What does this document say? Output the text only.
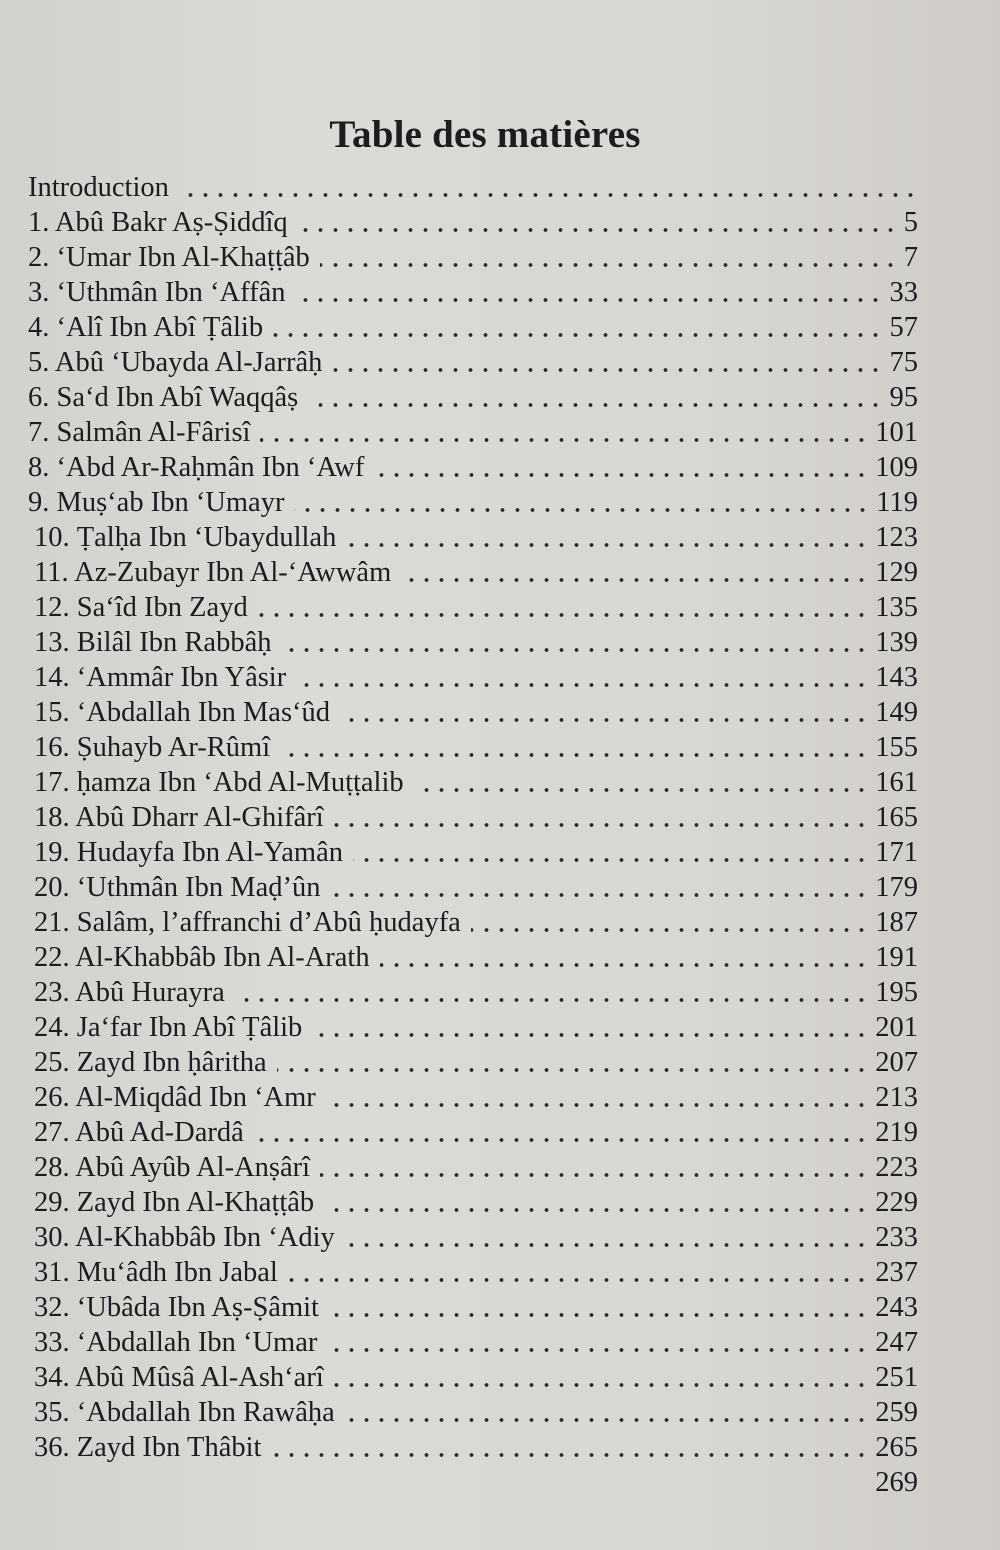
Table des matières
Introduction
1. Abû Bakr Aṣ-Ṣiddîq	5
2. ‘Umar Ibn Al-Khaṭṭâb	7
3. ‘Uthmân Ibn ‘Affân	33
4. ‘Alî Ibn Abî Ṭâlib	57
5. Abû ‘Ubayda Al-Jarrâḥ	75
6. Sa‘d Ibn Abî Waqqâṣ	95
7. Salmân Al-Fârisî	101
8. ‘Abd Ar-Raḥmân Ibn ‘Awf	109
9. Muṣ‘ab Ibn ‘Umayr	119
10. Ṭalḥa Ibn ‘Ubaydullah	123
11. Az-Zubayr Ibn Al-‘Awwâm	129
12. Sa‘îd Ibn Zayd	135
13. Bilâl Ibn Rabbâḥ	139
14. ‘Ammâr Ibn Yâsir	143
15. ‘Abdallah Ibn Mas‘ûd	149
16. Ṣuhayb Ar-Rûmî	155
17. ḥamza Ibn ‘Abd Al-Muṭṭalib	161
18. Abû Dharr Al-Ghifârî	165
19. Hudayfa Ibn Al-Yamân	171
20. ‘Uthmân Ibn Maḍ’ûn	179
21. Salâm, l’affranchi d’Abû ḥudayfa	187
22. Al-Khabbâb Ibn Al-Arath	191
23. Abû Hurayra	195
24. Ja‘far Ibn Abî Ṭâlib	201
25. Zayd Ibn ḥâritha	207
26. Al-Miqdâd Ibn ‘Amr	213
27. Abû Ad-Dardâ	219
28. Abû Ayûb Al-Anṣârî	223
29. Zayd Ibn Al-Khaṭṭâb	229
30. Al-Khabbâb Ibn ‘Adiy	233
31. Mu‘âdh Ibn Jabal	237
32. ‘Ubâda Ibn Aṣ-Ṣâmit	243
33. ‘Abdallah Ibn ‘Umar	247
34. Abû Mûsâ Al-Ash‘arî	251
35. ‘Abdallah Ibn Rawâḥa	259
36. Zayd Ibn Thâbit	265
269
